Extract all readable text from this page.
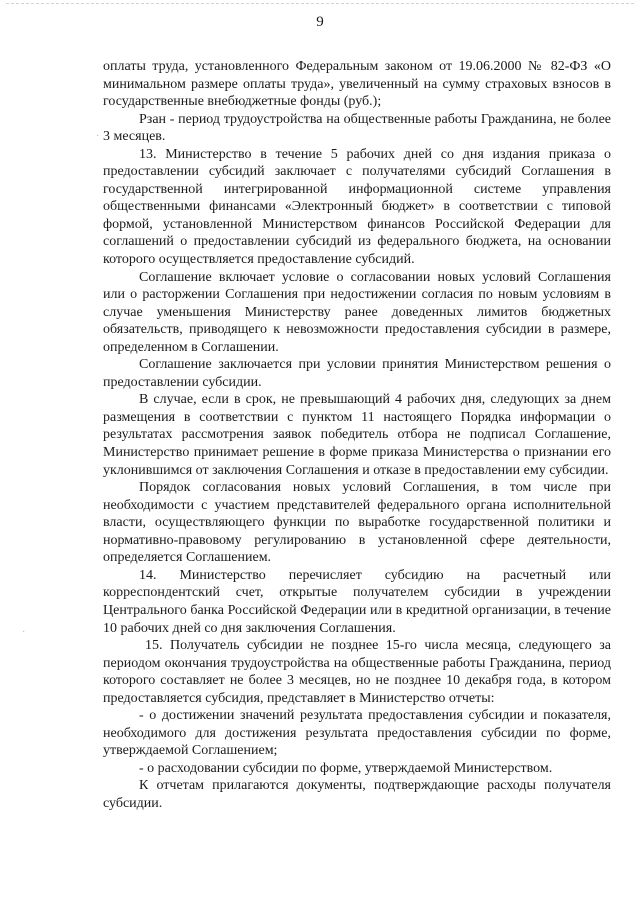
9
·
·

оплаты труда, установленного Федеральным законом от 19.06.2000 № 82-ФЗ «О минимальном размере оплаты труда», увеличенный на сумму страховых взносов в государственные внебюджетные фонды (руб.);

Рзан - период трудоустройства на общественные работы Гражданина, не более 3 месяцев.

13. Министерство в течение 5 рабочих дней со дня издания приказа о предоставлении субсидий заключает с получателями субсидий Соглашения в государственной интегрированной информационной системе управления общественными финансами «Электронный бюджет» в соответствии с типовой формой, установленной Министерством финансов Российской Федерации для соглашений о предоставлении субсидий из федерального бюджета, на основании которого осуществляется предоставление субсидий.

Соглашение включает условие о согласовании новых условий Соглашения или о расторжении Соглашения при недостижении согласия по новым условиям в случае уменьшения Министерству ранее доведенных лимитов бюджетных обязательств, приводящего к невозможности предоставления субсидии в размере, определенном в Соглашении.

Соглашение заключается при условии принятия Министерством решения о предоставлении субсидии.

В случае, если в срок, не превышающий 4 рабочих дня, следующих за днем размещения в соответствии с пунктом 11 настоящего Порядка информации о результатах рассмотрения заявок победитель отбора не подписал Соглашение, Министерство принимает решение в форме приказа Министерства о признании его уклонившимся от заключения Соглашения и отказе в предоставлении ему субсидии.

Порядок согласования новых условий Соглашения, в том числе при необходимости с участием представителей федерального органа исполнительной власти, осуществляющего функции по выработке государственной политики и нормативно-правовому регулированию в установленной сфере деятельности, определяется Соглашением.

14. Министерство перечисляет субсидию на расчетный или корреспондентский счет, открытые получателем субсидии в учреждении Центрального банка Российской Федерации или в кредитной организации, в течение 10 рабочих дней со дня заключения Соглашения.

15. Получатель субсидии не позднее 15-го числа месяца, следующего за периодом окончания трудоустройства на общественные работы Гражданина, период которого составляет не более 3 месяцев, но не позднее 10 декабря года, в котором предоставляется субсидия, представляет в Министерство отчеты:

- о достижении значений результата предоставления субсидии и показателя, необходимого для достижения результата предоставления субсидии по форме, утверждаемой Соглашением;

- о расходовании субсидии по форме, утверждаемой Министерством.

К отчетам прилагаются документы, подтверждающие расходы получателя субсидии.
